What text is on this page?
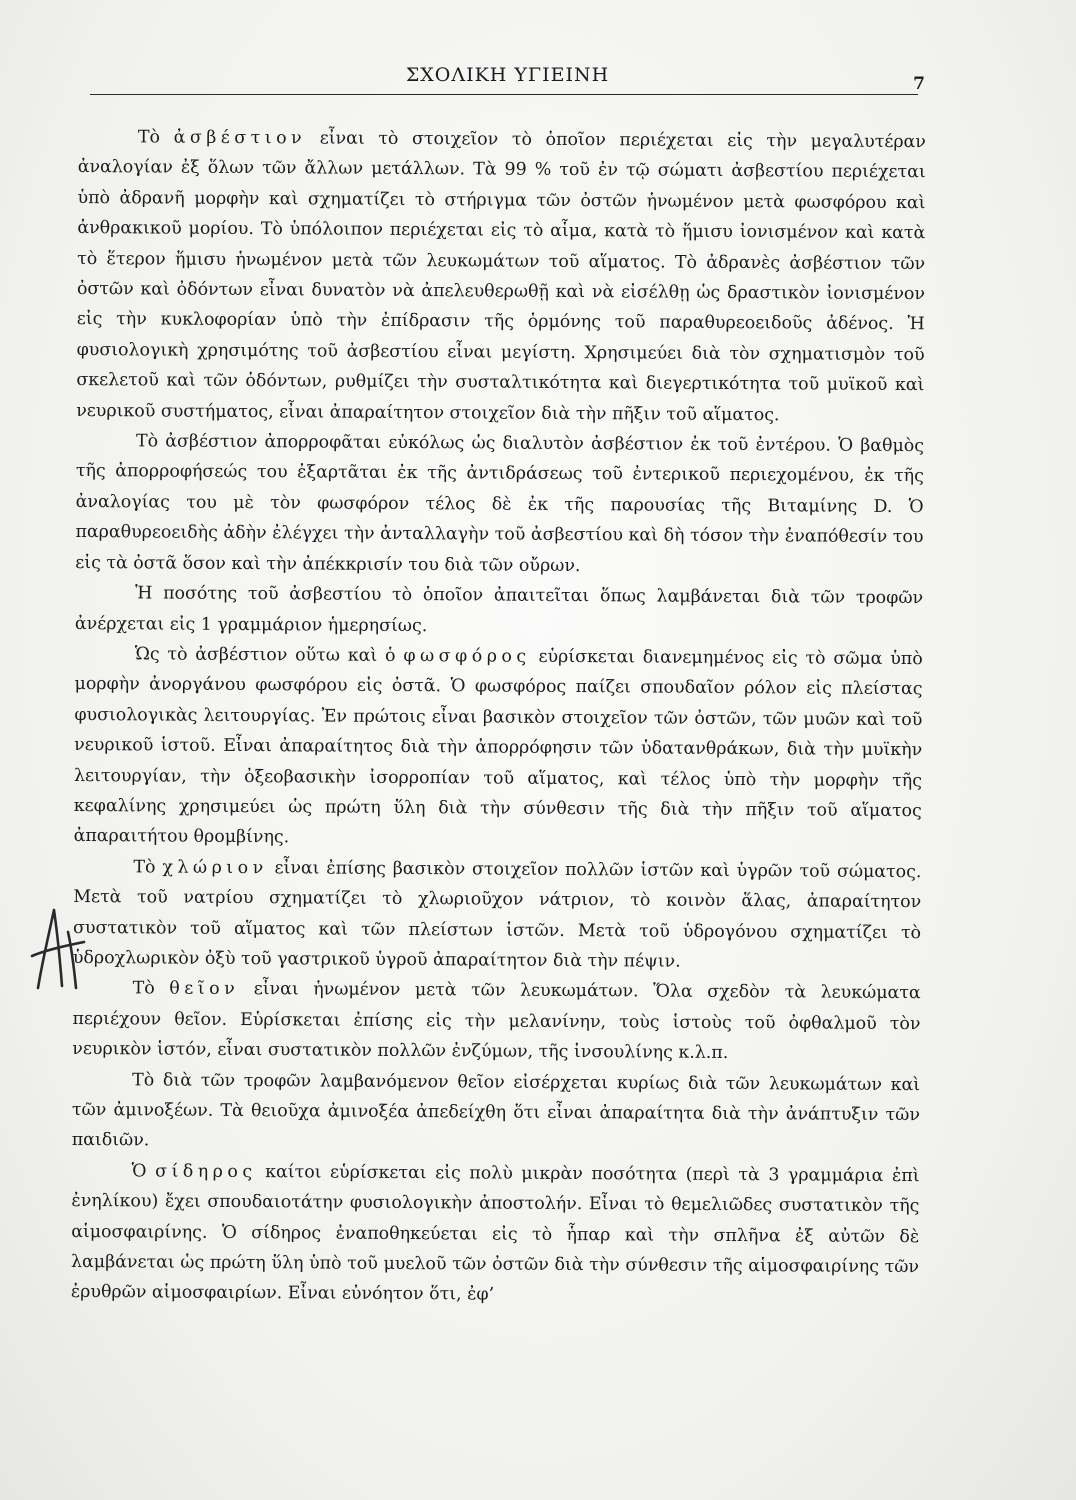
ΣΧΟΛΙΚΗ ΥΓΙΕΙΝΗ	7

Τὸ ἀσβέστιον εἶναι τὸ στοιχεῖον τὸ ὁποῖον περιέχεται εἰς τὴν μεγαλυτέραν ἀναλογίαν ἐξ ὅλων τῶν ἄλλων μετάλλων. Τὰ 99 % τοῦ ἐν τῷ σώματι ἀσβεστίου περιέχεται ὑπὸ ἀδρανῆ μορφὴν καὶ σχηματίζει τὸ στήριγμα τῶν ὀστῶν ἡνωμένον μετὰ φωσφόρου καὶ ἀνθρακικοῦ μορίου. Τὸ ὑπόλοιπον περιέχεται εἰς τὸ αἷμα, κατὰ τὸ ἥμισυ ἰονισμένον καὶ κατὰ τὸ ἕτερον ἥμισυ ἡνωμένον μετὰ τῶν λευκωμάτων τοῦ αἵματος. Τὸ ἀδρανὲς ἀσβέστιον τῶν ὀστῶν καὶ ὀδόντων εἶναι δυνατὸν νὰ ἀπελευθερωθῇ καὶ νὰ εἰσέλθῃ ὡς δραστικὸν ἰονισμένον εἰς τὴν κυκλοφορίαν ὑπὸ τὴν ἐπίδρασιν τῆς ὁρμόνης τοῦ παραθυρεοειδοῦς ἀδένος. Ἡ φυσιολογικὴ χρησιμότης τοῦ ἀσβεστίου εἶναι μεγίστη. Χρησιμεύει διὰ τὸν σχηματισμὸν τοῦ σκελετοῦ καὶ τῶν ὀδόντων, ρυθμίζει τὴν συσταλτικότητα καὶ διεγερτικότητα τοῦ μυϊκοῦ καὶ νευρικοῦ συστήματος, εἶναι ἀπαραίτητον στοιχεῖον διὰ τὴν πῆξιν τοῦ αἵματος.

Τὸ ἀσβέστιον ἀπορροφᾶται εὐκόλως ὡς διαλυτὸν ἀσβέστιον ἐκ τοῦ ἐντέρου. Ὁ βαθμὸς τῆς ἀπορροφήσεώς του ἐξαρτᾶται ἐκ τῆς ἀντιδράσεως τοῦ ἐντερικοῦ περιεχομένου, ἐκ τῆς ἀναλογίας του μὲ τὸν φωσφόρον τέλος δὲ ἐκ τῆς παρουσίας τῆς Βιταμίνης D. Ὁ παραθυρεοειδὴς ἀδὴν ἐλέγχει τὴν ἀνταλλαγὴν τοῦ ἀσβεστίου καὶ δὴ τόσον τὴν ἐναπόθεσίν του εἰς τὰ ὀστᾶ ὅσον καὶ τὴν ἀπέκκρισίν του διὰ τῶν οὔρων.

Ἡ ποσότης τοῦ ἀσβεστίου τὸ ὁποῖον ἀπαιτεῖται ὅπως λαμβάνεται διὰ τῶν τροφῶν ἀνέρχεται εἰς 1 γραμμάριον ἡμερησίως.

Ὡς τὸ ἀσβέστιον οὕτω καὶ ὁ φωσφόρος εὑρίσκεται διανεμημένος εἰς τὸ σῶμα ὑπὸ μορφὴν ἀνοργάνου φωσφόρου εἰς ὀστᾶ. Ὁ φωσφόρος παίζει σπουδαῖον ρόλον εἰς πλείστας φυσιολογικὰς λειτουργίας. Ἐν πρώτοις εἶναι βασικὸν στοιχεῖον τῶν ὀστῶν, τῶν μυῶν καὶ τοῦ νευρικοῦ ἱστοῦ. Εἶναι ἀπαραίτητος διὰ τὴν ἀπορρόφησιν τῶν ὑδατανθράκων, διὰ τὴν μυϊκὴν λειτουργίαν, τὴν ὀξεοβασικὴν ἰσορροπίαν τοῦ αἵματος, καὶ τέλος ὑπὸ τὴν μορφὴν τῆς κεφαλίνης χρησιμεύει ὡς πρώτη ὕλη διὰ τὴν σύνθεσιν τῆς διὰ τὴν πῆξιν τοῦ αἵματος ἀπαραιτήτου θρομβίνης.

Τὸ χλώριον εἶναι ἐπίσης βασικὸν στοιχεῖον πολλῶν ἱστῶν καὶ ὑγρῶν τοῦ σώματος. Μετὰ τοῦ νατρίου σχηματίζει τὸ χλωριοῦχον νάτριον, τὸ κοινὸν ἅλας, ἀπαραίτητον συστατικὸν τοῦ αἵματος καὶ τῶν πλείστων ἱστῶν. Μετὰ τοῦ ὑδρογόνου σχηματίζει τὸ ὑδροχλωρικὸν ὀξὺ τοῦ γαστρικοῦ ὑγροῦ ἀπαραίτητον διὰ τὴν πέψιν.

Τὸ θεῖον εἶναι ἡνωμένον μετὰ τῶν λευκωμάτων. Ὅλα σχεδὸν τὰ λευκώματα περιέχουν θεῖον. Εὑρίσκεται ἐπίσης εἰς τὴν μελανίνην, τοὺς ἱστοὺς τοῦ ὀφθαλμοῦ τὸν νευρικὸν ἱστόν, εἶναι συστατικὸν πολλῶν ἐνζύμων, τῆς ἰνσουλίνης κ.λ.π.

Τὸ διὰ τῶν τροφῶν λαμβανόμενον θεῖον εἰσέρχεται κυρίως διὰ τῶν λευκωμάτων καὶ τῶν ἀμινοξέων. Τὰ θειοῦχα ἀμινοξέα ἀπεδείχθη ὅτι εἶναι ἀπαραίτητα διὰ τὴν ἀνάπτυξιν τῶν παιδιῶν.

Ὁ σίδηρος καίτοι εὑρίσκεται εἰς πολὺ μικρὰν ποσότητα (περὶ τὰ 3 γραμμάρια ἐπὶ ἐνηλίκου) ἔχει σπουδαιοτάτην φυσιολογικὴν ἀποστολήν. Εἶναι τὸ θεμελιῶδες συστατικὸν τῆς αἱμοσφαιρίνης. Ὁ σίδηρος ἐναποθηκεύεται εἰς τὸ ἧπαρ καὶ τὴν σπλῆνα ἐξ αὐτῶν δὲ λαμβάνεται ὡς πρώτη ὕλη ὑπὸ τοῦ μυελοῦ τῶν ὀστῶν διὰ τὴν σύνθεσιν τῆς αἱμοσφαιρίνης τῶν ἐρυθρῶν αἱμοσφαιρίων. Εἶναι εὐνόητον ὅτι, ἐφ’
